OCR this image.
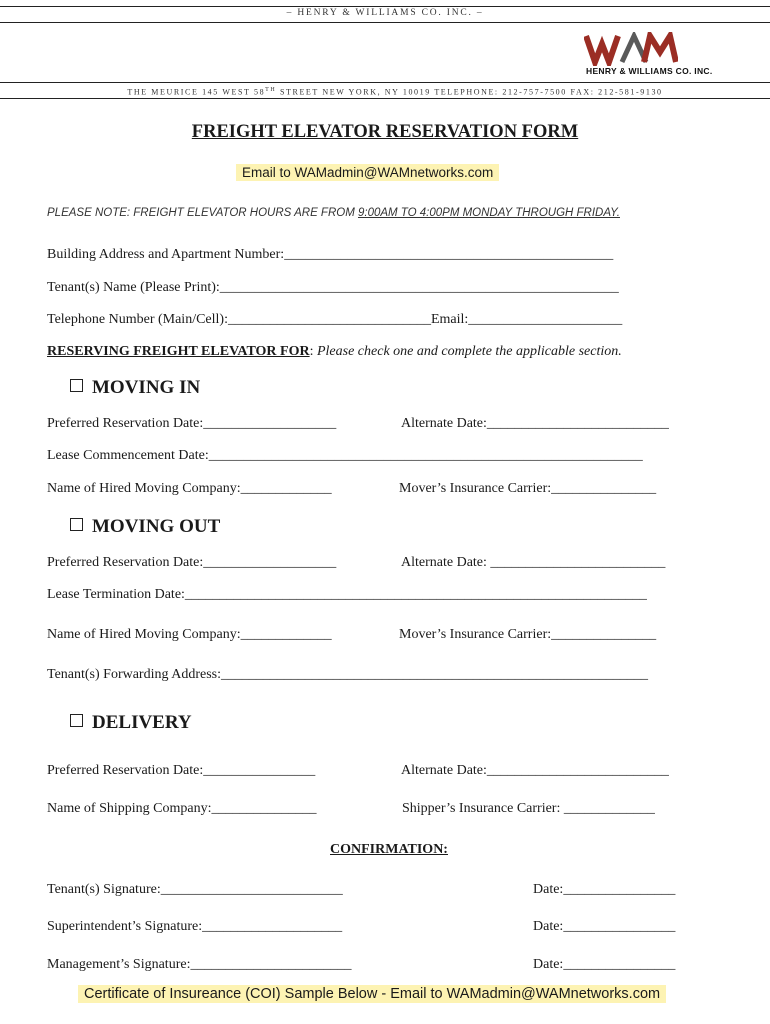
– HENRY & WILLIAMS CO. INC. –
HENRY & WILLIAMS CO. INC.
THE MEURICE 145 WEST 58TH STREET NEW YORK, NY 10019 TELEPHONE: 212-757-7500 FAX: 212-581-9130
FREIGHT ELEVATOR RESERVATION FORM
Email to WAMadmin@WAMnetworks.com
PLEASE NOTE: FREIGHT ELEVATOR HOURS ARE FROM 9:00AM TO 4:00PM MONDAY THROUGH FRIDAY.
Building Address and Apartment Number:_______________________________________________
Tenant(s) Name (Please Print):_________________________________________________________
Telephone Number (Main/Cell):_____________________________Email:______________________
RESERVING FREIGHT ELEVATOR FOR: Please check one and complete the applicable section.
MOVING IN
Preferred Reservation Date:___________________	Alternate Date:__________________________
Lease Commencement Date:______________________________________________________________
Name of Hired Moving Company:_____________	Mover’s Insurance Carrier:_______________
MOVING OUT
Preferred Reservation Date:___________________	Alternate Date: _________________________
Lease Termination Date:__________________________________________________________________
Name of Hired Moving Company:_____________	Mover’s Insurance Carrier:_______________
Tenant(s) Forwarding Address:_____________________________________________________________
DELIVERY
Preferred Reservation Date:________________	Alternate Date:__________________________
Name of Shipping Company:_______________	Shipper’s Insurance Carrier: _____________
CONFIRMATION:
Tenant(s) Signature:__________________________	Date:________________
Superintendent’s Signature:____________________	Date:________________
Management’s Signature:_______________________	Date:________________
Certificate of Insureance (COI) Sample Below - Email to WAMadmin@WAMnetworks.com
